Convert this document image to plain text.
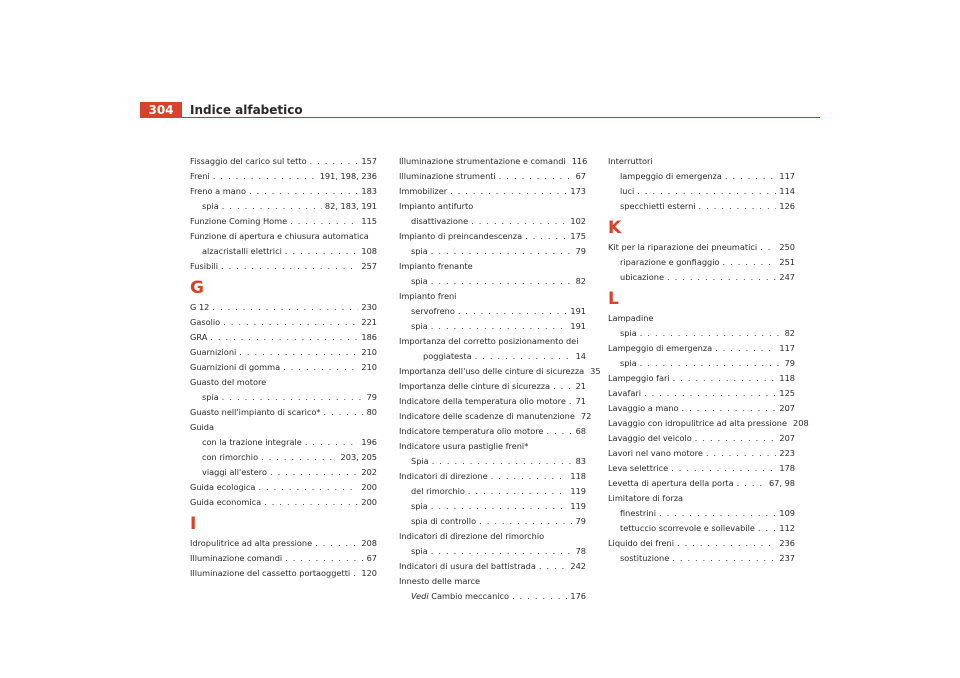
304	Indice alfabetico
Fissaggio del carico sul tetto . . .	157
Freni . . .	191, 198, 236
Freno a mano . . .	183
spia . . .	82, 183, 191
Funzione Coming Home . . .	115
Funzione di apertura e chiusura automatica
alzacristalli elettrici . . .	108
Fusibili . . .	257
G
G 12 . . .	230
Gasolio . . .	221
GRA . . .	186
Guarnizioni . . .	210
Guarnizioni di gomma . . .	210
Guasto del motore
spia . . .	79
Guasto nell'impianto di scarico* . . .	80
Guida
con la trazione integrale . . .	196
con rimorchio . . .	203, 205
viaggi all'estero . . .	202
Guida ecologica . . .	200
Guida economica . . .	200
I
Idropulitrice ad alta pressione . . .	208
Illuminazione comandi . . .	67
Illuminazione del cassetto portaoggetti . . . 120
Illuminazione strumentazione e comandi 116
Illuminazione strumenti . . .	67
Immobilizer . . .	173
Impianto antifurto
disattivazione . . .	102
Impianto di preincandescenza . . .	175
spia . . .	79
Impianto frenante
spia . . .	82
Impianto freni
servofreno . . .	191
spia . . .	191
Importanza del corretto posizionamento dei
poggiatesta . . .	14
Importanza dell'uso delle cinture di sicurezza 35
Importanza delle cinture di sicurezza . . .	21
Indicatore della temperatura olio motore . . . 71
Indicatore delle scadenze di manutenzione 72
Indicatore temperatura olio motore . . .	68
Indicatore usura pastiglie freni*
Spia . . .	83
Indicatori di direzione . . .	118
del rimorchio . . .	119
spia . . .	119
spia di controllo . . .	79
Indicatori di direzione del rimorchio
spia . . .	78
Indicatori di usura del battistrada . . .	242
Innesto delle marce
Vedi
Cambio meccanico . . .	176
Interruttori
lampeggio di emergenza . . .	117
luci . . .	114
specchietti esterni . . .	126
K
Kit per la riparazione dei pneumatici . . .	250
riparazione e gonfiaggio . . .	251
ubicazione . . .	247
L
Lampadine
spia . . .	82
Lampeggio di emergenza . . .	117
spia . . .	79
Lampeggio fari . . .	118
Lavafari . . .	125
Lavaggio a mano . . .	207
Lavaggio con idropulitrice ad alta pressione 208
Lavaggio del veicolo . . .	207
Lavori nel vano motore . . .	223
Leva selettrice . . .	178
Levetta di apertura della porta . . .	67, 98
Limitatore di forza
finestrini . . .	109
tettuccio scorrevole e sollevabile . . .	112
Liquido dei freni . . .	236
sostituzione . . .	237
